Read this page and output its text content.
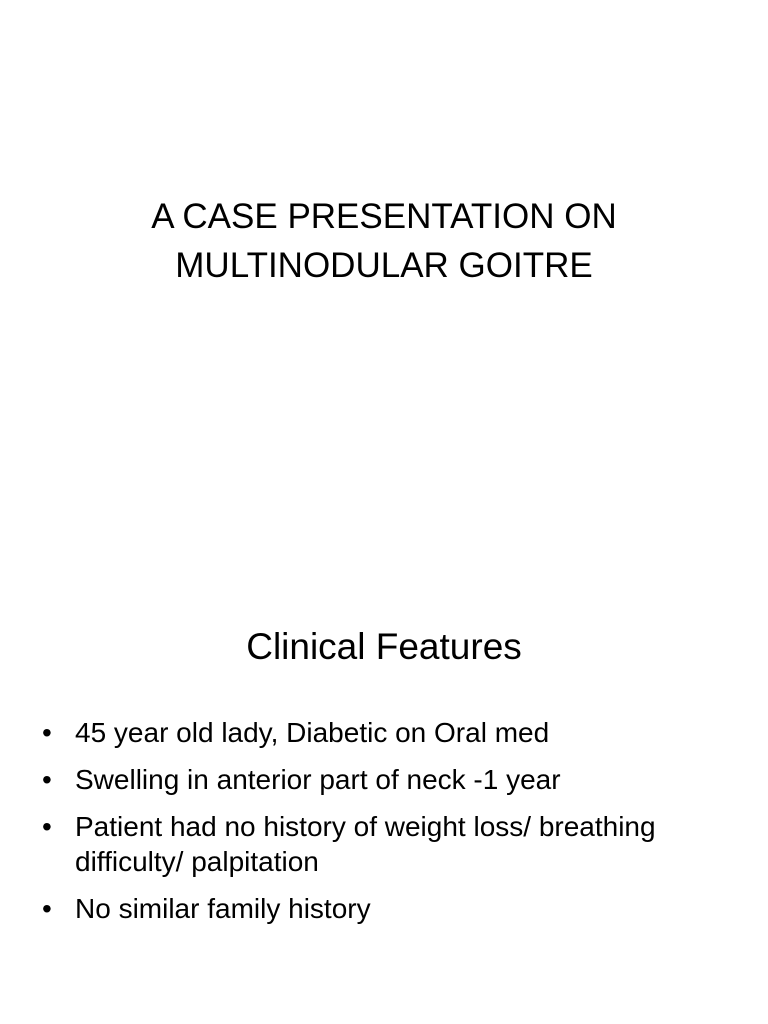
A CASE PRESENTATION ON
MULTINODULAR GOITRE
Clinical Features
• 45 year old lady, Diabetic on Oral med
• Swelling in anterior part of neck -1 year
• Patient had no history of weight loss/ breathing difficulty/ palpitation
• No similar family history
